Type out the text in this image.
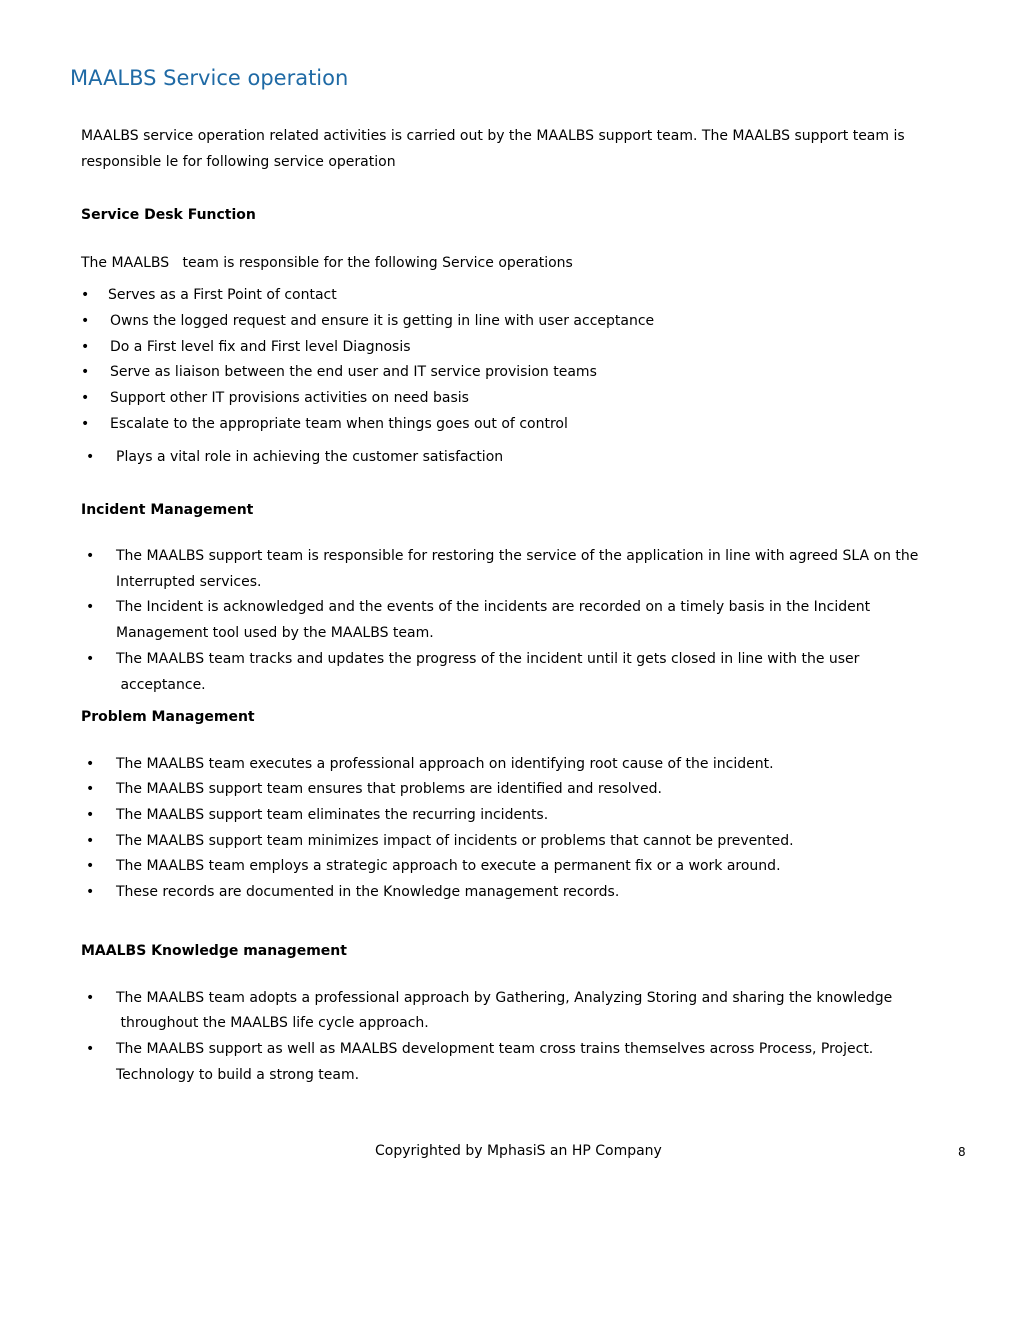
MAALBS Service operation
MAALBS service operation related activities is carried out by the MAALBS support team. The MAALBS support team is
responsible le for following service operation
Service Desk Function
The MAALBS   team is responsible for the following Service operations
• Serves as a First Point of contact
• Owns the logged request and ensure it is getting in line with user acceptance
• Do a First level fix and First level Diagnosis
• Serve as liaison between the end user and IT service provision teams
• Support other IT provisions activities on need basis
• Escalate to the appropriate team when things goes out of control
• Plays a vital role in achieving the customer satisfaction
Incident Management
• The MAALBS support team is responsible for restoring the service of the application in line with agreed SLA on the
Interrupted services.
• The Incident is acknowledged and the events of the incidents are recorded on a timely basis in the Incident
Management tool used by the MAALBS team.
• The MAALBS team tracks and updates the progress of the incident until it gets closed in line with the user
acceptance.
Problem Management
• The MAALBS team executes a professional approach on identifying root cause of the incident.
• The MAALBS support team ensures that problems are identified and resolved.
• The MAALBS support team eliminates the recurring incidents.
• The MAALBS support team minimizes impact of incidents or problems that cannot be prevented.
• The MAALBS team employs a strategic approach to execute a permanent fix or a work around.
• These records are documented in the Knowledge management records.
MAALBS Knowledge management
• The MAALBS team adopts a professional approach by Gathering, Analyzing Storing and sharing the knowledge
throughout the MAALBS life cycle approach.
• The MAALBS support as well as MAALBS development team cross trains themselves across Process, Project.
Technology to build a strong team.
Copyrighted by MphasiS an HP Company	8
